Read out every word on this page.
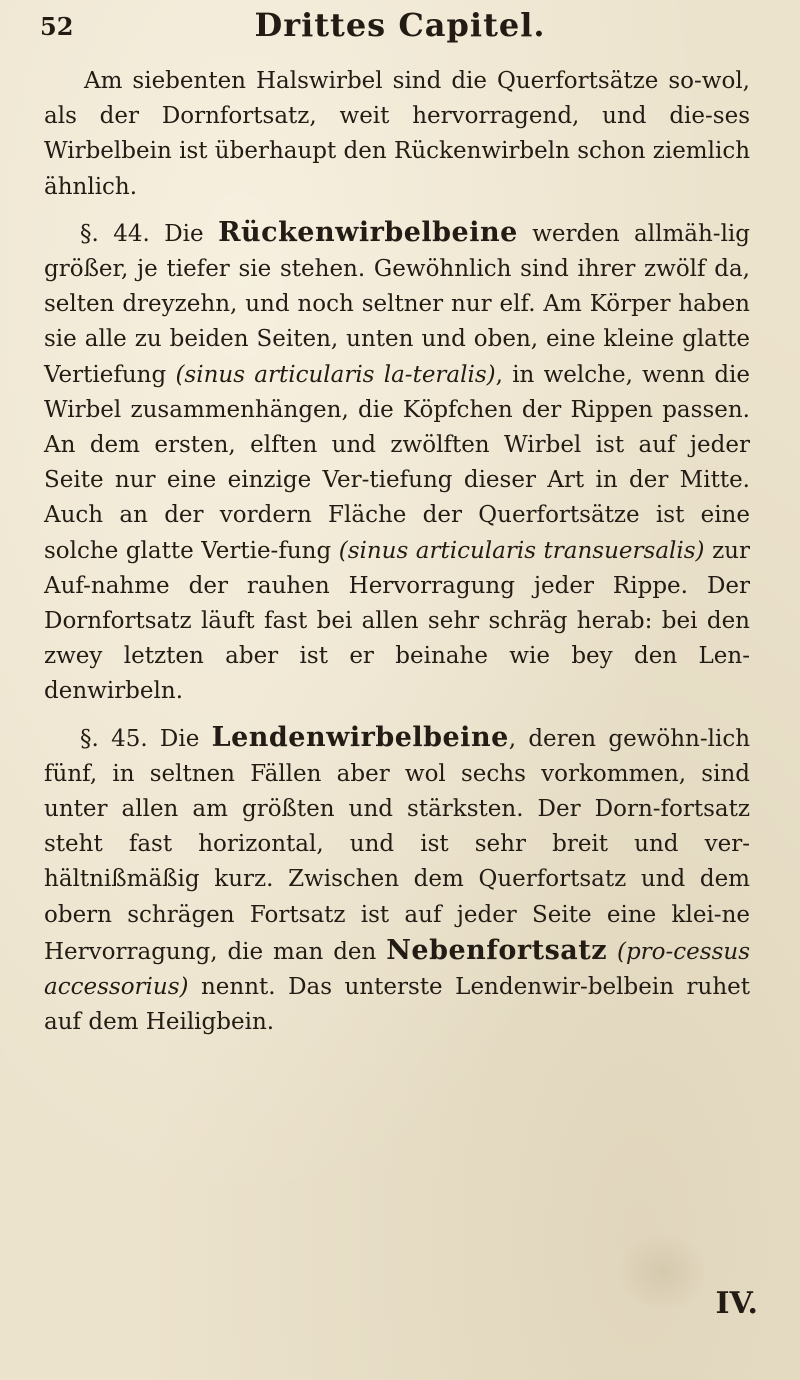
52	Drittes Capitel.

Am siebenten Halswirbel sind die Querfortsätze so-wol, als der Dornfortsatz, weit hervorragend, und die-ses Wirbelbein ist überhaupt den Rückenwirbeln schon ziemlich ähnlich.

§. 44. Die Rückenwirbelbeine werden allmäh-lig größer, je tiefer sie stehen. Gewöhnlich sind ihrer zwölf da, selten dreyzehn, und noch seltner nur elf. Am Körper haben sie alle zu beiden Seiten, unten und oben, eine kleine glatte Vertiefung (sinus articularis la-teralis), in welche, wenn die Wirbel zusammenhängen, die Köpfchen der Rippen passen. An dem ersten, elften und zwölften Wirbel ist auf jeder Seite nur eine einzige Ver-tiefung dieser Art in der Mitte. Auch an der vordern Fläche der Querfortsätze ist eine solche glatte Vertie-fung (sinus articularis transuersalis) zur Auf-nahme der rauhen Hervorragung jeder Rippe. Der Dornfortsatz läuft fast bei allen sehr schräg herab: bei den zwey letzten aber ist er beinahe wie bey den Len-denwirbeln.

§. 45. Die Lendenwirbelbeine, deren gewöhn-lich fünf, in seltnen Fällen aber wol sechs vorkommen, sind unter allen am größten und stärksten. Der Dorn-fortsatz steht fast horizontal, und ist sehr breit und ver-hältnißmäßig kurz. Zwischen dem Querfortsatz und dem obern schrägen Fortsatz ist auf jeder Seite eine klei-ne Hervorragung, die man den Nebenfortsatz (pro-cessus accessorius) nennt. Das unterste Lendenwir-belbein ruhet auf dem Heiligbein.

IV.
